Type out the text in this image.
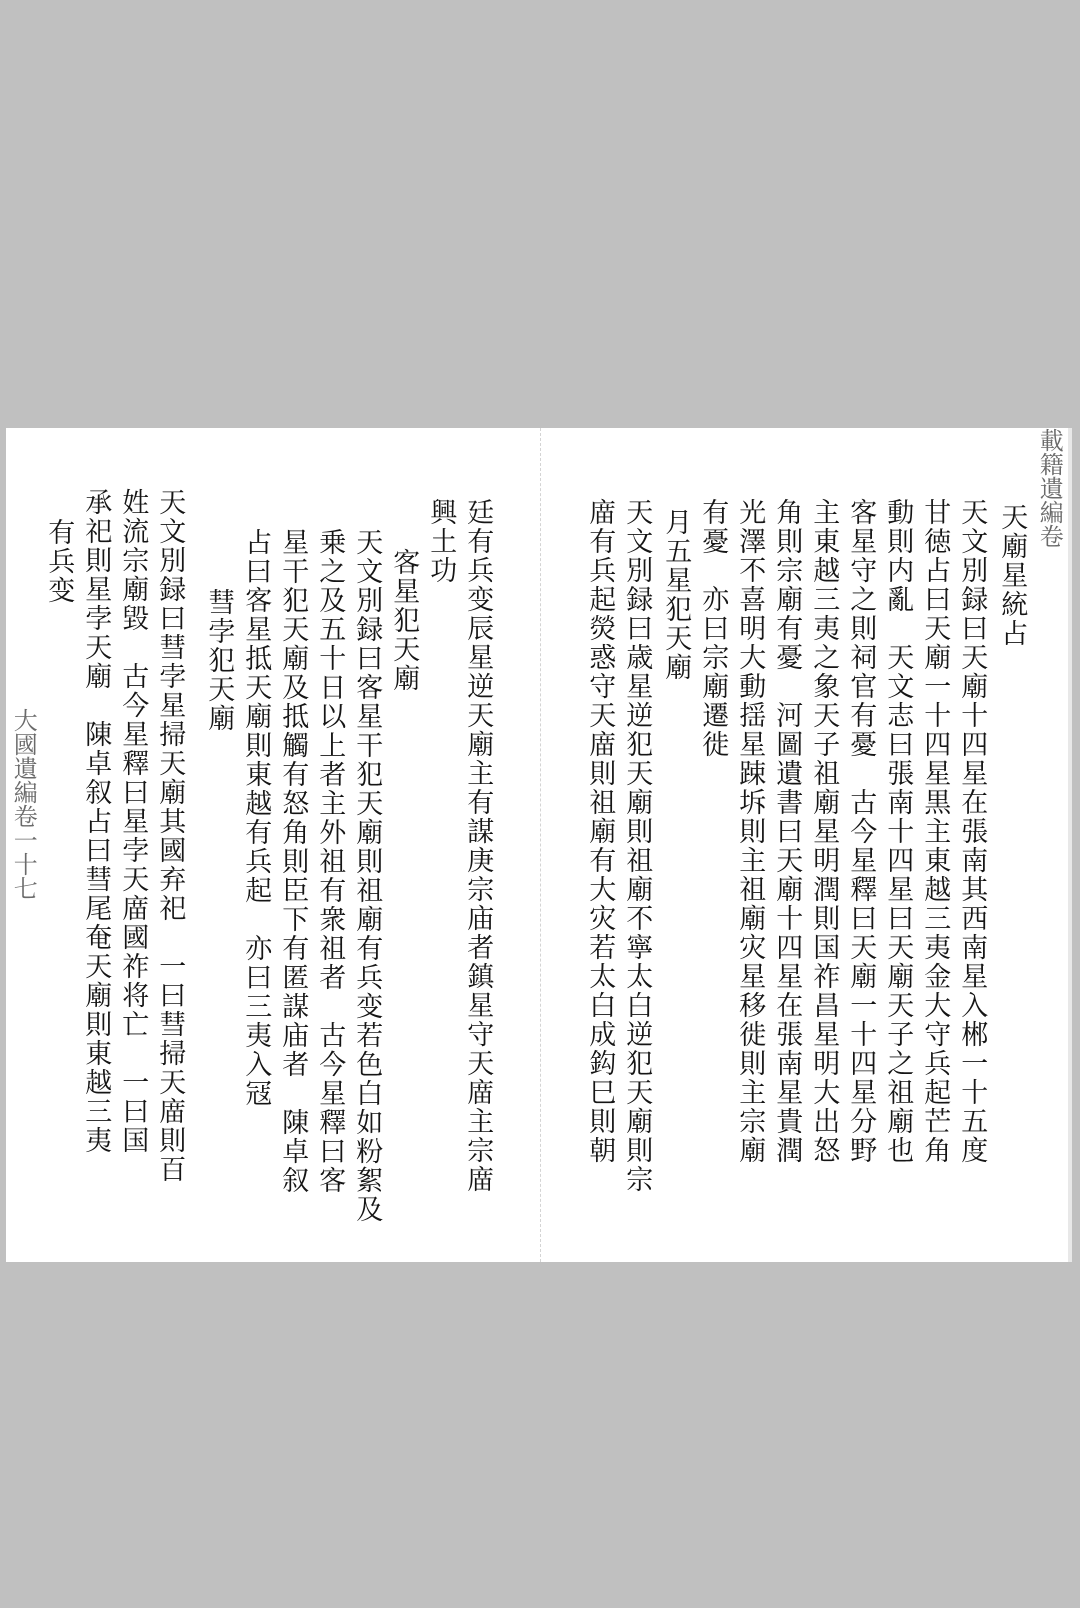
天廟星統占
天文別録曰天廟十四星在張南其西南星入郴一十五度
甘徳占曰天廟一十四星黒主東越三夷金大守兵起芒角
動則内亂　天文志曰張南十四星曰天廟天子之祖廟也
客星守之則祠官有憂　古今星釋曰天廟一十四星分野
主東越三夷之象天子祖廟星明潤則国祚昌星明大出怒
角則宗廟有憂　河圖遺書曰天廟十四星在張南星貴潤
光澤不喜明大動揺星踈坼則主祖廟灾星移徙則主宗廟
有憂　亦曰宗廟遷徙
月五星犯天廟
天文別録曰歳星逆犯天廟則祖廟不寧太白逆犯天廟則宗
庿有兵起熒惑守天庿則祖廟有大灾若太白成鈎巳則朝
廷有兵变辰星逆天廟主有謀庚宗庙者鎮星守天庿主宗庿
興土功
客星犯天廟
天文別録曰客星干犯天廟則祖廟有兵变若色白如粉絮及
乗之及五十日以上者主外祖有衆祖者　古今星釋曰客
星干犯天廟及抵觸有怒角則臣下有匿謀庙者　陳卓叙
占曰客星抵天廟則東越有兵起　亦曰三夷入冦
彗孛犯天廟
天文別録曰彗孛星掃天廟其國弃祀　一曰彗掃天庿則百
姓流宗廟毀　古今星釋曰星孛天庿國祚将亡　一曰国
承祀則星孛天廟　陳卓叙占曰彗尾奄天廟則東越三夷
有兵变
載籍遺編卷
大國遺編卷一十七
